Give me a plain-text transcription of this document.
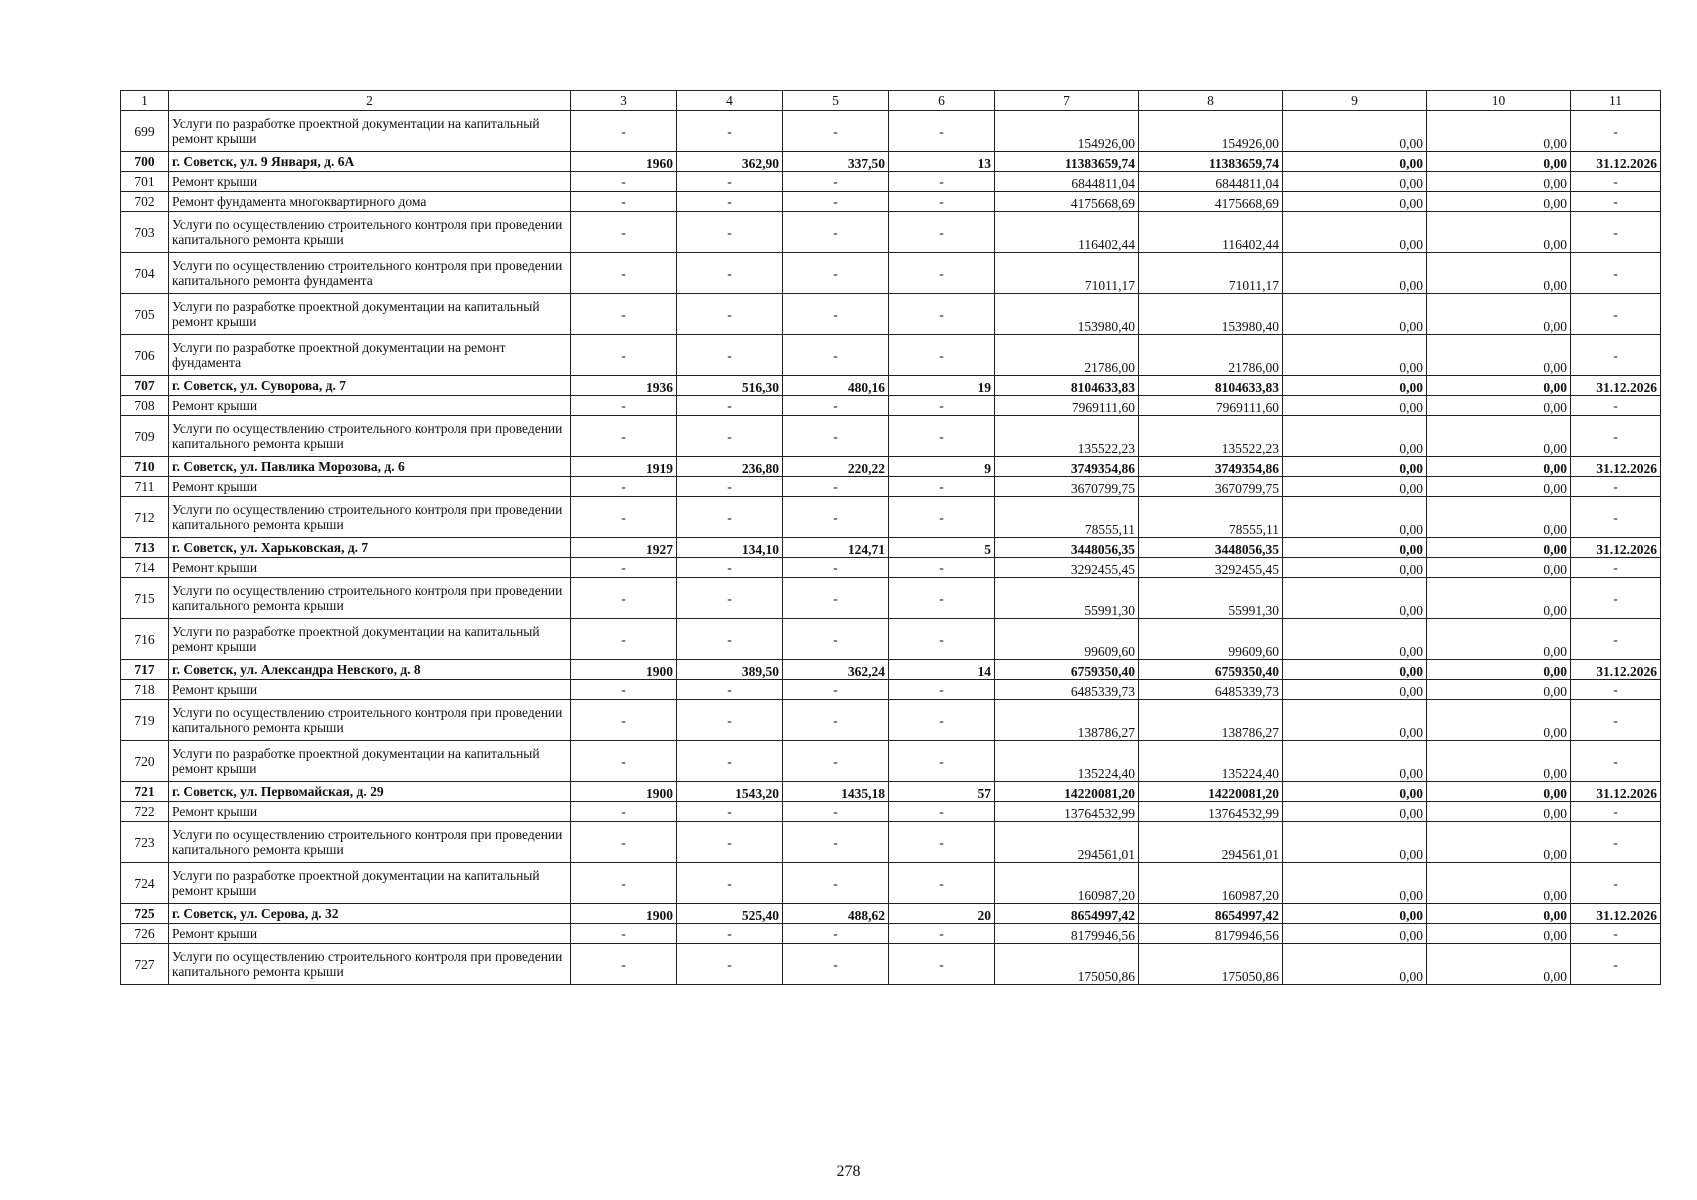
1	2	3	4	5	6	7	8	9	10	11
699	Услуги по разработке проектной документации на капитальный ремонт крыши	-	-	-	-	154926,00	154926,00	0,00	0,00	-
700	г. Советск, ул. 9 Января, д. 6А	1960	362,90	337,50	13	11383659,74	11383659,74	0,00	0,00	31.12.2026
701	Ремонт крыши	-	-	-	-	6844811,04	6844811,04	0,00	0,00	-
702	Ремонт фундамента многоквартирного дома	-	-	-	-	4175668,69	4175668,69	0,00	0,00	-
703	Услуги по осуществлению строительного контроля при проведении капитального ремонта крыши	-	-	-	-	116402,44	116402,44	0,00	0,00	-
704	Услуги по осуществлению строительного контроля при проведении капитального ремонта фундамента	-	-	-	-	71011,17	71011,17	0,00	0,00	-
705	Услуги по разработке проектной документации на капитальный ремонт крыши	-	-	-	-	153980,40	153980,40	0,00	0,00	-
706	Услуги по разработке проектной документации на ремонт фундамента	-	-	-	-	21786,00	21786,00	0,00	0,00	-
707	г. Советск, ул. Суворова, д. 7	1936	516,30	480,16	19	8104633,83	8104633,83	0,00	0,00	31.12.2026
708	Ремонт крыши	-	-	-	-	7969111,60	7969111,60	0,00	0,00	-
709	Услуги по осуществлению строительного контроля при проведении капитального ремонта крыши	-	-	-	-	135522,23	135522,23	0,00	0,00	-
710	г. Советск, ул. Павлика Морозова, д. 6	1919	236,80	220,22	9	3749354,86	3749354,86	0,00	0,00	31.12.2026
711	Ремонт крыши	-	-	-	-	3670799,75	3670799,75	0,00	0,00	-
712	Услуги по осуществлению строительного контроля при проведении капитального ремонта крыши	-	-	-	-	78555,11	78555,11	0,00	0,00	-
713	г. Советск, ул. Харьковская, д. 7	1927	134,10	124,71	5	3448056,35	3448056,35	0,00	0,00	31.12.2026
714	Ремонт крыши	-	-	-	-	3292455,45	3292455,45	0,00	0,00	-
715	Услуги по осуществлению строительного контроля при проведении капитального ремонта крыши	-	-	-	-	55991,30	55991,30	0,00	0,00	-
716	Услуги по разработке проектной документации на капитальный ремонт крыши	-	-	-	-	99609,60	99609,60	0,00	0,00	-
717	г. Советск, ул. Александра Невского, д. 8	1900	389,50	362,24	14	6759350,40	6759350,40	0,00	0,00	31.12.2026
718	Ремонт крыши	-	-	-	-	6485339,73	6485339,73	0,00	0,00	-
719	Услуги по осуществлению строительного контроля при проведении капитального ремонта крыши	-	-	-	-	138786,27	138786,27	0,00	0,00	-
720	Услуги по разработке проектной документации на капитальный ремонт крыши	-	-	-	-	135224,40	135224,40	0,00	0,00	-
721	г. Советск, ул. Первомайская, д. 29	1900	1543,20	1435,18	57	14220081,20	14220081,20	0,00	0,00	31.12.2026
722	Ремонт крыши	-	-	-	-	13764532,99	13764532,99	0,00	0,00	-
723	Услуги по осуществлению строительного контроля при проведении капитального ремонта крыши	-	-	-	-	294561,01	294561,01	0,00	0,00	-
724	Услуги по разработке проектной документации на капитальный ремонт крыши	-	-	-	-	160987,20	160987,20	0,00	0,00	-
725	г. Советск, ул. Серова, д. 32	1900	525,40	488,62	20	8654997,42	8654997,42	0,00	0,00	31.12.2026
726	Ремонт крыши	-	-	-	-	8179946,56	8179946,56	0,00	0,00	-
727	Услуги по осуществлению строительного контроля при проведении капитального ремонта крыши	-	-	-	-	175050,86	175050,86	0,00	0,00	-
278
